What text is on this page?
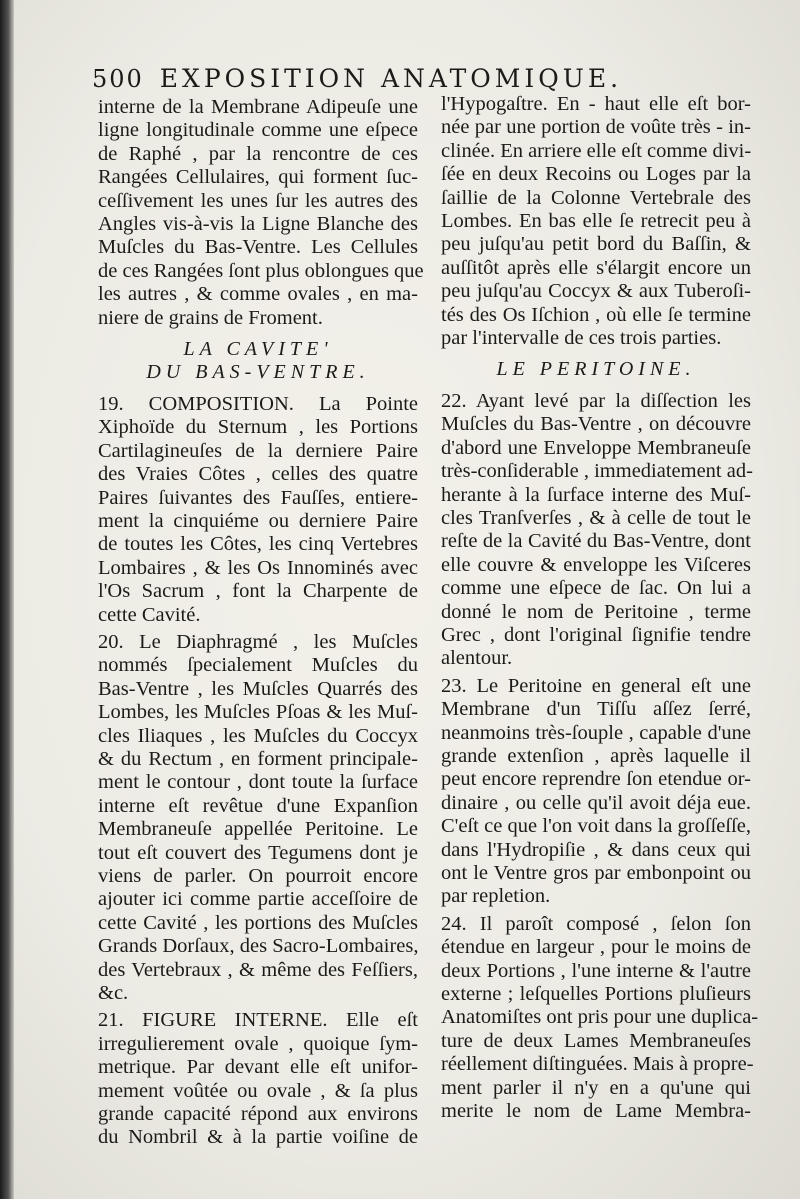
500 EXPOSITION ANATOMIQUE.
interne de la Membrane Adipeuſe une
ligne longitudinale comme une eſpece
de Raphé , par la rencontre de ces
Rangées Cellulaires, qui forment ſuc-
ceſſivement les unes ſur les autres des
Angles vis-à-vis la Ligne Blanche des
Muſcles du Bas-Ventre. Les Cellules
de ces Rangées ſont plus oblongues que
les autres , & comme ovales , en ma-
niere de grains de Froment.
LA CAVITE'
DU BAS-VENTRE.
19. COMPOSITION. La Pointe
Xiphoïde du Sternum , les Portions
Cartilagineuſes de la derniere Paire
des Vraies Côtes , celles des quatre
Paires ſuivantes des Fauſſes, entiere-
ment la cinquiéme ou derniere Paire
de toutes les Côtes, les cinq Vertebres
Lombaires , & les Os Innominés avec
l'Os Sacrum , font la Charpente de
cette Cavité.
20. Le Diaphragmé , les Muſcles
nommés ſpecialement Muſcles du
Bas-Ventre , les Muſcles Quarrés des
Lombes, les Muſcles Pſoas & les Muſ-
cles Iliaques , les Muſcles du Coccyx
& du Rectum , en forment principale-
ment le contour , dont toute la ſurface
interne eſt revêtue d'une Expanſion
Membraneuſe appellée Peritoine. Le
tout eſt couvert des Tegumens dont je
viens de parler. On pourroit encore
ajouter ici comme partie acceſſoire de
cette Cavité , les portions des Muſcles
Grands Dorſaux, des Sacro-Lombaires,
des Vertebraux , & même des Feſſiers,
&c.
21. FIGURE INTERNE. Elle eſt
irregulierement ovale , quoique ſym-
metrique. Par devant elle eſt unifor-
mement voûtée ou ovale , & ſa plus
grande capacité répond aux environs
du Nombril & à la partie voiſine de
l'Hypogaſtre. En - haut elle eſt bor-
née par une portion de voûte très - in-
clinée. En arriere elle eſt comme divi-
ſée en deux Recoins ou Loges par la
ſaillie de la Colonne Vertebrale des
Lombes. En bas elle ſe retrecit peu à
peu juſqu'au petit bord du Baſſin, &
auſſitôt après elle s'élargit encore un
peu juſqu'au Coccyx & aux Tuberoſi-
tés des Os Iſchion , où elle ſe termine
par l'intervalle de ces trois parties.
LE PERITOINE.
22. Ayant levé par la diſſection les
Muſcles du Bas-Ventre , on découvre
d'abord une Enveloppe Membraneuſe
très-conſiderable , immediatement ad-
herante à la ſurface interne des Muſ-
cles Tranſverſes , & à celle de tout le
reſte de la Cavité du Bas-Ventre, dont
elle couvre & enveloppe les Viſceres
comme une eſpece de ſac. On lui a
donné le nom de Peritoine , terme
Grec , dont l'original ſignifie tendre
alentour.
23. Le Peritoine en general eſt une
Membrane d'un Tiſſu aſſez ſerré,
neanmoins très-ſouple , capable d'une
grande extenſion , après laquelle il
peut encore reprendre ſon etendue or-
dinaire , ou celle qu'il avoit déja eue.
C'eſt ce que l'on voit dans la groſſeſſe,
dans l'Hydropiſie , & dans ceux qui
ont le Ventre gros par embonpoint ou
par repletion.
24. Il paroît composé , ſelon ſon
étendue en largeur , pour le moins de
deux Portions , l'une interne & l'autre
externe ; leſquelles Portions pluſieurs
Anatomiſtes ont pris pour une duplica-
ture de deux Lames Membraneuſes
réellement diſtinguées. Mais à propre-
ment parler il n'y en a qu'une qui
merite le nom de Lame Membra-
